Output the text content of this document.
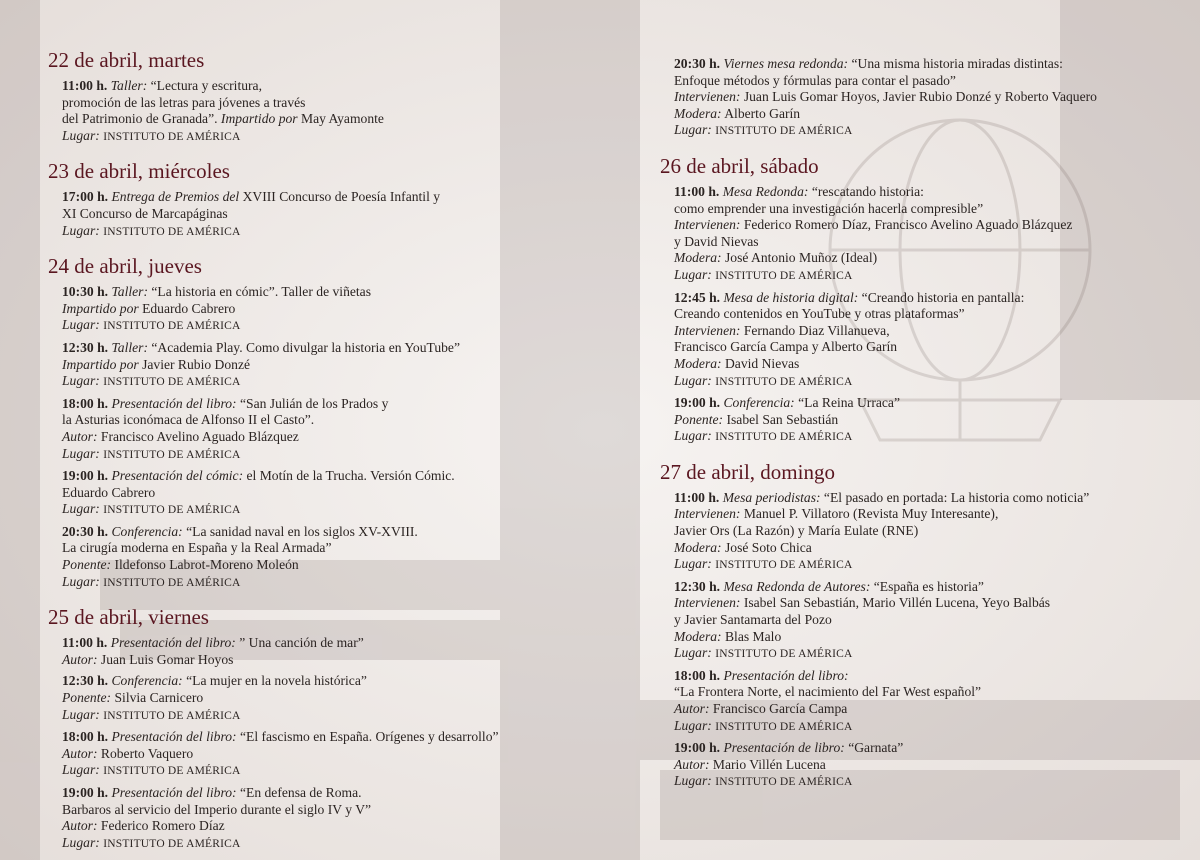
22 de abril, martes
11:00 h. Taller: “Lectura y escritura,
promoción de las letras para jóvenes a través
del Patrimonio de Granada”. Impartido por May Ayamonte
Lugar: INSTITUTO DE AMÉRICA
23 de abril, miércoles
17:00 h. Entrega de Premios del XVIII Concurso de Poesía Infantil y
XI Concurso de Marcapáginas
Lugar: INSTITUTO DE AMÉRICA
24 de abril, jueves
10:30 h. Taller: “La historia en cómic”. Taller de viñetas
Impartido por Eduardo Cabrero
Lugar: INSTITUTO DE AMÉRICA
12:30 h. Taller: “Academia Play. Como divulgar la historia en YouTube”
Impartido por Javier Rubio Donzé
Lugar: INSTITUTO DE AMÉRICA
18:00 h. Presentación del libro: “San Julián de los Prados y
la Asturias iconómaca de Alfonso II el Casto”.
Autor: Francisco Avelino Aguado Blázquez
Lugar: INSTITUTO DE AMÉRICA
19:00 h. Presentación del cómic: el Motín de la Trucha. Versión Cómic.
Eduardo Cabrero
Lugar: INSTITUTO DE AMÉRICA
20:30 h. Conferencia: “La sanidad naval en los siglos XV-XVIII.
La cirugía moderna en España y la Real Armada”
Ponente: Ildefonso Labrot-Moreno Moleón
Lugar: INSTITUTO DE AMÉRICA
25 de abril, viernes
11:00 h. Presentación del libro: ” Una canción de mar”
Autor: Juan Luis Gomar Hoyos
12:30 h. Conferencia: “La mujer en la novela histórica”
Ponente: Silvia Carnicero
Lugar: INSTITUTO DE AMÉRICA
18:00 h. Presentación del libro: “El fascismo en España. Orígenes y desarrollo”
Autor: Roberto Vaquero
Lugar: INSTITUTO DE AMÉRICA
19:00 h. Presentación del libro: “En defensa de Roma.
Barbaros al servicio del Imperio durante el siglo IV y V”
Autor: Federico Romero Díaz
Lugar: INSTITUTO DE AMÉRICA
20:30 h. Viernes mesa redonda: “Una misma historia miradas distintas:
Enfoque métodos y fórmulas para contar el pasado”
Intervienen: Juan Luis Gomar Hoyos, Javier Rubio Donzé y Roberto Vaquero
Modera: Alberto Garín
Lugar: INSTITUTO DE AMÉRICA
26 de abril, sábado
11:00 h. Mesa Redonda: “rescatando historia:
como emprender una investigación hacerla compresible”
Intervienen: Federico Romero Díaz, Francisco Avelino Aguado Blázquez
y David Nievas
Modera: José Antonio Muñoz (Ideal)
Lugar: INSTITUTO DE AMÉRICA
12:45 h. Mesa de historia digital: “Creando historia en pantalla:
Creando contenidos en YouTube y otras plataformas”
Intervienen: Fernando Diaz Villanueva,
Francisco García Campa y Alberto Garín
Modera: David Nievas
Lugar: INSTITUTO DE AMÉRICA
19:00 h. Conferencia: “La Reina Urraca”
Ponente: Isabel San Sebastián
Lugar: INSTITUTO DE AMÉRICA
27 de abril, domingo
11:00 h. Mesa periodistas: “El pasado en portada: La historia como noticia”
Intervienen: Manuel P. Villatoro (Revista Muy Interesante),
Javier Ors (La Razón) y María Eulate (RNE)
Modera: José Soto Chica
Lugar: INSTITUTO DE AMÉRICA
12:30 h. Mesa Redonda de Autores: “España es historia”
Intervienen: Isabel San Sebastián, Mario Villén Lucena, Yeyo Balbás
y Javier Santamarta del Pozo
Modera: Blas Malo
Lugar: INSTITUTO DE AMÉRICA
18:00 h. Presentación del libro:
“La Frontera Norte, el nacimiento del Far West español”
Autor: Francisco García Campa
Lugar: INSTITUTO DE AMÉRICA
19:00 h. Presentación de libro: “Garnata”
Autor: Mario Villén Lucena
Lugar: INSTITUTO DE AMÉRICA
